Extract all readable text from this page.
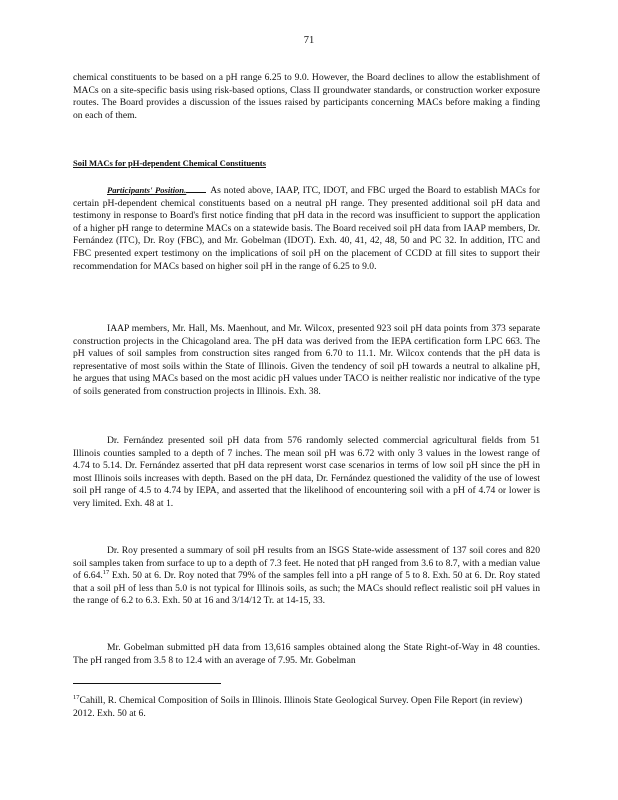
71

chemical constituents to be based on a pH range 6.25 to 9.0. However, the Board declines to allow the establishment of MACs on a site-specific basis using risk-based options, Class II groundwater standards, or construction worker exposure routes. The Board provides a discussion of the issues raised by participants concerning MACs before making a finding on each of them.

Soil MACs for pH-dependent Chemical Constituents

Participants' Position.	As noted above, IAAP, ITC, IDOT, and FBC urged the Board to establish MACs for certain pH-dependent chemical constituents based on a neutral pH range. They presented additional soil pH data and testimony in response to Board's first notice finding that pH data in the record was insufficient to support the application of a higher pH range to determine MACs on a statewide basis. The Board received soil pH data from IAAP members, Dr. Fernández (ITC), Dr. Roy (FBC), and Mr. Gobelman (IDOT). Exh. 40, 41, 42, 48, 50 and PC 32. In addition, ITC and FBC presented expert testimony on the implications of soil pH on the placement of CCDD at fill sites to support their recommendation for MACs based on higher soil pH in the range of 6.25 to 9.0.

IAAP members, Mr. Hall, Ms. Maenhout, and Mr. Wilcox, presented 923 soil pH data points from 373 separate construction projects in the Chicagoland area. The pH data was derived from the IEPA certification form LPC 663. The pH values of soil samples from construction sites ranged from 6.70 to 11.1. Mr. Wilcox contends that the pH data is representative of most soils within the State of Illinois. Given the tendency of soil pH towards a neutral to alkaline pH, he argues that using MACs based on the most acidic pH values under TACO is neither realistic nor indicative of the type of soils generated from construction projects in Illinois. Exh. 38.

Dr. Fernández presented soil pH data from 576 randomly selected commercial agricultural fields from 51 Illinois counties sampled to a depth of 7 inches. The mean soil pH was 6.72 with only 3 values in the lowest range of 4.74 to 5.14. Dr. Fernández asserted that pH data represent worst case scenarios in terms of low soil pH since the pH in most Illinois soils increases with depth. Based on the pH data, Dr. Fernández questioned the validity of the use of lowest soil pH range of 4.5 to 4.74 by IEPA, and asserted that the likelihood of encountering soil with a pH of 4.74 or lower is very limited. Exh. 48 at 1.

Dr. Roy presented a summary of soil pH results from an ISGS State-wide assessment of 137 soil cores and 820 soil samples taken from surface to up to a depth of 7.3 feet. He noted that pH ranged from 3.6 to 8.7, with a median value of 6.64.17 Exh. 50 at 6. Dr. Roy noted that 79% of the samples fell into a pH range of 5 to 8. Exh. 50 at 6. Dr. Roy stated that a soil pH of less than 5.0 is not typical for Illinois soils, as such; the MACs should reflect realistic soil pH values in the range of 6.2 to 6.3. Exh. 50 at 16 and 3/14/12 Tr. at 14-15, 33.

Mr. Gobelman submitted pH data from 13,616 samples obtained along the State Right-of-Way in 48 counties. The pH ranged from 3.5 8 to 12.4 with an average of 7.95. Mr. Gobelman

$^{17}$Cahill, R. Chemical Composition of Soils in Illinois. Illinois State Geological Survey. Open File Report (in review) 2012. Exh. 50 at 6.
